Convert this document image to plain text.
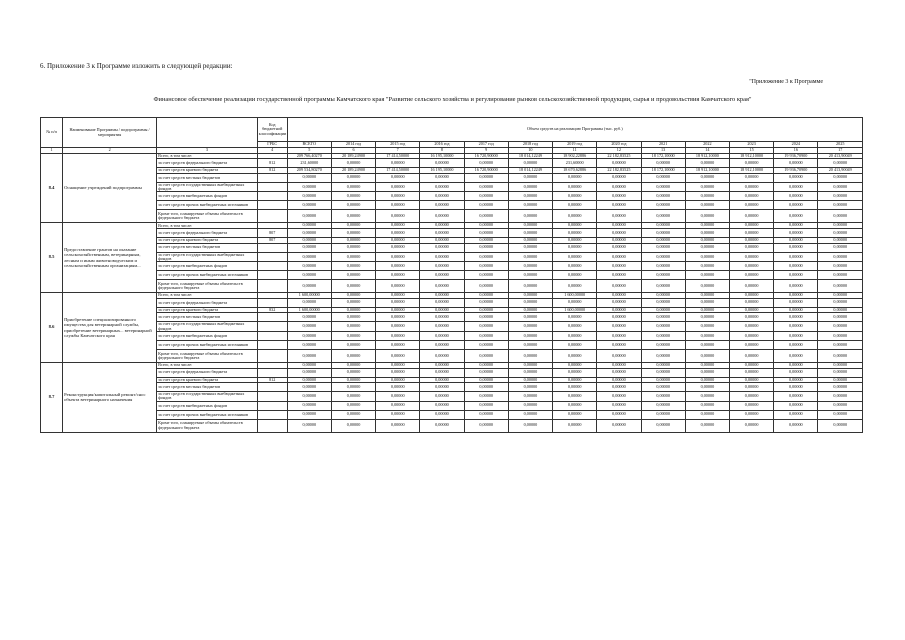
6. Приложение 3 к Программе изложить в следующей редакции:
"Приложение 3 к Программе
Финансовое обеспечение реализации государственной программы Камчатского края "Развитие сельского хозяйства и регулирование рынков сельскохозяйственной продукции, сырья и продовольствия Камчатского края"
№ п/п	Наименование Программы / подпрограммы / мероприятия		Код бюджетной классификации	Объем средств на реализацию Программы (тыс. руб.)												
			ГРБС	ВСЕГО	2014 год	2015 год	2016 год	2017 год	2018 год	2019 год	2020 год	2021	2022	2023	2024	2025
1	2	3	4	5	6	7	8	9	10	11	12	13	14	15	16	17
8.4	Оснащение учреждений подпрограммы	Всего, в том числе:		209 766,40270	20 189,24900	17 414,50000	16 195,10000	16 720,90000	18 014,12249	18 902,22886	22 182,83525	18 172,10000	18 912,10000	18 912,10000	19 936,70900	20 413,90049
		за счет средств федерального бюджета	812	231,60000	0,00000	0,00000	0,00000	0,00000	0,00000	231,60000	0,00000	0,00000	0,00000	0,00000	0,00000	0,00000
		за счет средств краевого бюджета	812	209 534,80270	20 189,24900	17 414,50000	16 195,10000	16 720,90000	18 014,12249	18 670,62886	22 182,83525	18 172,10000	18 912,10000	18 912,10000	19 936,70900	20 413,90049
		за счет средств местных бюджетов		0,00000	0,00000	0,00000	0,00000	0,00000	0,00000	0,00000	0,00000	0,00000	0,00000	0,00000	0,00000	0,00000
		за счет средств государственных внебюджетных фондов		0,00000	0,00000	0,00000	0,00000	0,00000	0,00000	0,00000	0,00000	0,00000	0,00000	0,00000	0,00000	0,00000
		за счет средств внебюджетных фондов		0,00000	0,00000	0,00000	0,00000	0,00000	0,00000	0,00000	0,00000	0,00000	0,00000	0,00000	0,00000	0,00000
		за счет средств прочих внебюджетных источников		0,00000	0,00000	0,00000	0,00000	0,00000	0,00000	0,00000	0,00000	0,00000	0,00000	0,00000	0,00000	0,00000
		Кроме того, планируемые объемы обязательств федерального бюджета		0,00000	0,00000	0,00000	0,00000	0,00000	0,00000	0,00000	0,00000	0,00000	0,00000	0,00000	0,00000	0,00000
8.5	Предоставление грантов на оказание сельскохозяйственным, ветеринарным, лесным и иным животноводческим и сельскохозяйственным организациям...	Всего, в том числе:		0,00000	0,00000	0,00000	0,00000	0,00000	0,00000	0,00000	0,00000	0,00000	0,00000	0,00000	0,00000	0,00000
		за счет средств федерального бюджета	807	0,00000	0,00000	0,00000	0,00000	0,00000	0,00000	0,00000	0,00000	0,00000	0,00000	0,00000	0,00000	0,00000
		за счет средств краевого бюджета	807	0,00000	0,00000	0,00000	0,00000	0,00000	0,00000	0,00000	0,00000	0,00000	0,00000	0,00000	0,00000	0,00000
		за счет средств местных бюджетов		0,00000	0,00000	0,00000	0,00000	0,00000	0,00000	0,00000	0,00000	0,00000	0,00000	0,00000	0,00000	0,00000
		за счет средств государственных внебюджетных фондов		0,00000	0,00000	0,00000	0,00000	0,00000	0,00000	0,00000	0,00000	0,00000	0,00000	0,00000	0,00000	0,00000
		за счет средств внебюджетных фондов		0,00000	0,00000	0,00000	0,00000	0,00000	0,00000	0,00000	0,00000	0,00000	0,00000	0,00000	0,00000	0,00000
		за счет средств прочих внебюджетных источников		0,00000	0,00000	0,00000	0,00000	0,00000	0,00000	0,00000	0,00000	0,00000	0,00000	0,00000	0,00000	0,00000
		Кроме того, планируемые объемы обязательств федерального бюджета		0,00000	0,00000	0,00000	0,00000	0,00000	0,00000	0,00000	0,00000	0,00000	0,00000	0,00000	0,00000	0,00000
8.6	Приобретение специализированного имущества для ветеринарной службы, приобретение ветеринарных... ветеринарной службы Камчатского края	Всего, в том числе:		1 600,00000	0,00000	0,00000	0,00000	0,00000	0,00000	1 600,00000	0,00000	0,00000	0,00000	0,00000	0,00000	0,00000
		за счет средств федерального бюджета		0,00000	0,00000	0,00000	0,00000	0,00000	0,00000	0,00000	0,00000	0,00000	0,00000	0,00000	0,00000	0,00000
		за счет средств краевого бюджета	832	1 600,00000	0,00000	0,00000	0,00000	0,00000	0,00000	1 600,00000	0,00000	0,00000	0,00000	0,00000	0,00000	0,00000
		за счет средств местных бюджетов		0,00000	0,00000	0,00000	0,00000	0,00000	0,00000	0,00000	0,00000	0,00000	0,00000	0,00000	0,00000	0,00000
		за счет средств государственных внебюджетных фондов		0,00000	0,00000	0,00000	0,00000	0,00000	0,00000	0,00000	0,00000	0,00000	0,00000	0,00000	0,00000	0,00000
		за счет средств внебюджетных фондов		0,00000	0,00000	0,00000	0,00000	0,00000	0,00000	0,00000	0,00000	0,00000	0,00000	0,00000	0,00000	0,00000
		за счет средств прочих внебюджетных источников		0,00000	0,00000	0,00000	0,00000	0,00000	0,00000	0,00000	0,00000	0,00000	0,00000	0,00000	0,00000	0,00000
		Кроме того, планируемые объемы обязательств федерального бюджета		0,00000	0,00000	0,00000	0,00000	0,00000	0,00000	0,00000	0,00000	0,00000	0,00000	0,00000	0,00000	0,00000
8.7	Реконструкция/капитальный ремонт/снос объекта ветеринарного назначения	Всего, в том числе:		0,00000	0,00000	0,00000	0,00000	0,00000	0,00000	0,00000	0,00000	0,00000	0,00000	0,00000	0,00000	0,00000
		за счет средств федерального бюджета		0,00000	0,00000	0,00000	0,00000	0,00000	0,00000	0,00000	0,00000	0,00000	0,00000	0,00000	0,00000	0,00000
		за счет средств краевого бюджета	812	0,00000	0,00000	0,00000	0,00000	0,00000	0,00000	0,00000	0,00000	0,00000	0,00000	0,00000	0,00000	0,00000
		за счет средств местных бюджетов		0,00000	0,00000	0,00000	0,00000	0,00000	0,00000	0,00000	0,00000	0,00000	0,00000	0,00000	0,00000	0,00000
		за счет средств государственных внебюджетных фондов		0,00000	0,00000	0,00000	0,00000	0,00000	0,00000	0,00000	0,00000	0,00000	0,00000	0,00000	0,00000	0,00000
		за счет средств внебюджетных фондов		0,00000	0,00000	0,00000	0,00000	0,00000	0,00000	0,00000	0,00000	0,00000	0,00000	0,00000	0,00000	0,00000
		за счет средств прочих внебюджетных источников		0,00000	0,00000	0,00000	0,00000	0,00000	0,00000	0,00000	0,00000	0,00000	0,00000	0,00000	0,00000	0,00000
		Кроме того, планируемые объемы обязательств федерального бюджета		0,00000	0,00000	0,00000	0,00000	0,00000	0,00000	0,00000	0,00000	0,00000	0,00000	0,00000	0,00000	0,00000
